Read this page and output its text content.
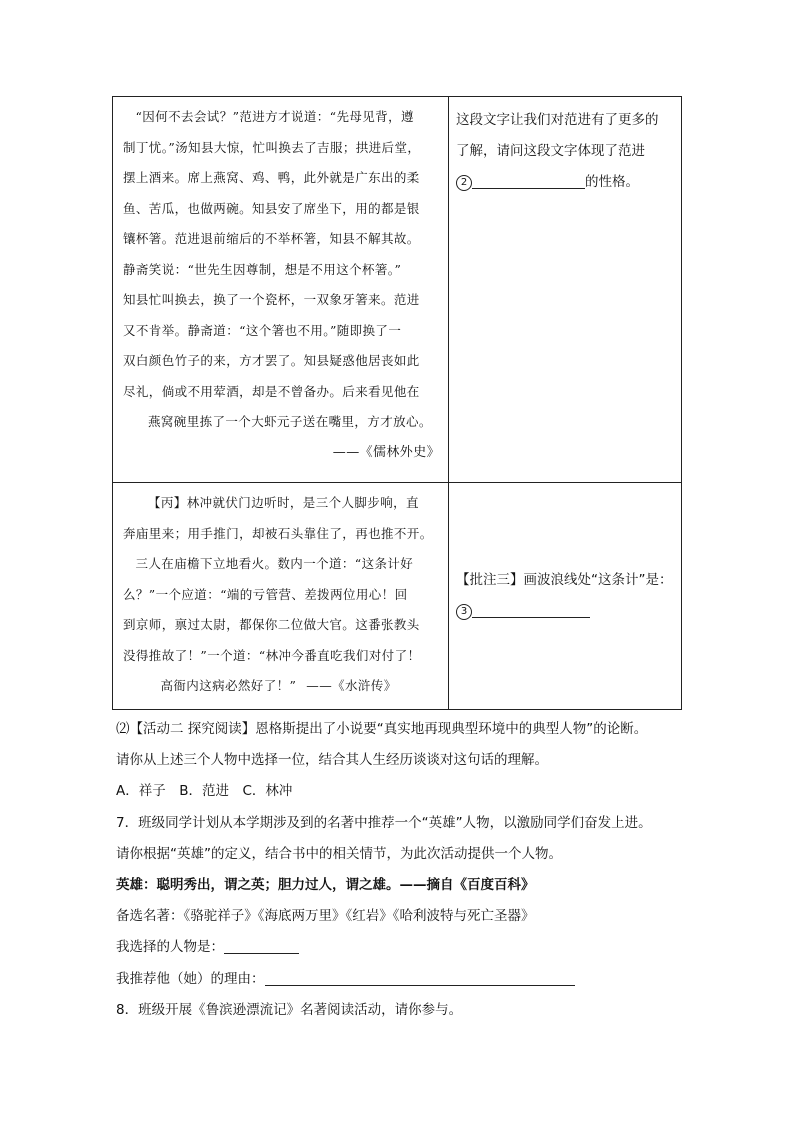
“因何不去会试？”范进方才说道：“先母见背，遵

制丁忧。”汤知县大惊，忙叫换去了吉服；拱进后堂，

摆上酒来。席上燕窝、鸡、鸭，此外就是广东出的柔

鱼、苦瓜，也做两碗。知县安了席坐下，用的都是银

镶杯箸。范进退前缩后的不举杯箸，知县不解其故。

静斋笑说：“世先生因尊制，想是不用这个杯箸。”

知县忙叫换去，换了一个瓷杯，一双象牙箸来。范进

又不肯举。静斋道：“这个箸也不用。”随即换了一

双白颜色竹子的来，方才罢了。知县疑惑他居丧如此

尽礼，倘或不用荤酒，却是不曾备办。后来看见他在

燕窝碗里拣了一个大虾元子送在嘴里，方才放心。

——《儒林外史》

这段文字让我们对范进有了更多的
了解，请问这段文字体现了范进
2	的性格。

【丙】林冲就伏门边听时，是三个人脚步响，直

奔庙里来；用手推门，却被石头靠住了，再也推不开。

三人在庙檐下立地看火。数内一个道：“这条计好

么？”一个应道：“端的亏管营、差拨两位用心！回

到京师，禀过太尉，都保你二位做大官。这番张教头

没得推故了！”一个道：“林冲今番直吃我们对付了！

高衙内这病必然好了！” ——《水浒传》

【批注三】画波浪线处“这条计”是：
3

⑵【活动二 探究阅读】恩格斯提出了小说要“真实地再现典型环境中的典型人物”的论断。

请你从上述三个人物中选择一位，结合其人生经历谈谈对这句话的理解。

A．祥子　B．范进　C．林冲

7．班级同学计划从本学期涉及到的名著中推荐一个“英雄”人物，以激励同学们奋发上进。

请你根据“英雄”的定义，结合书中的相关情节，为此次活动提供一个人物。

英雄：聪明秀出，谓之英；胆力过人，谓之雄。——摘自《百度百科》

备选名著：《骆驼祥子》《海底两万里》《红岩》《哈利波特与死亡圣器》

我选择的人物是：

我推荐他（她）的理由：

8．班级开展《鲁滨逊漂流记》名著阅读活动，请你参与。
